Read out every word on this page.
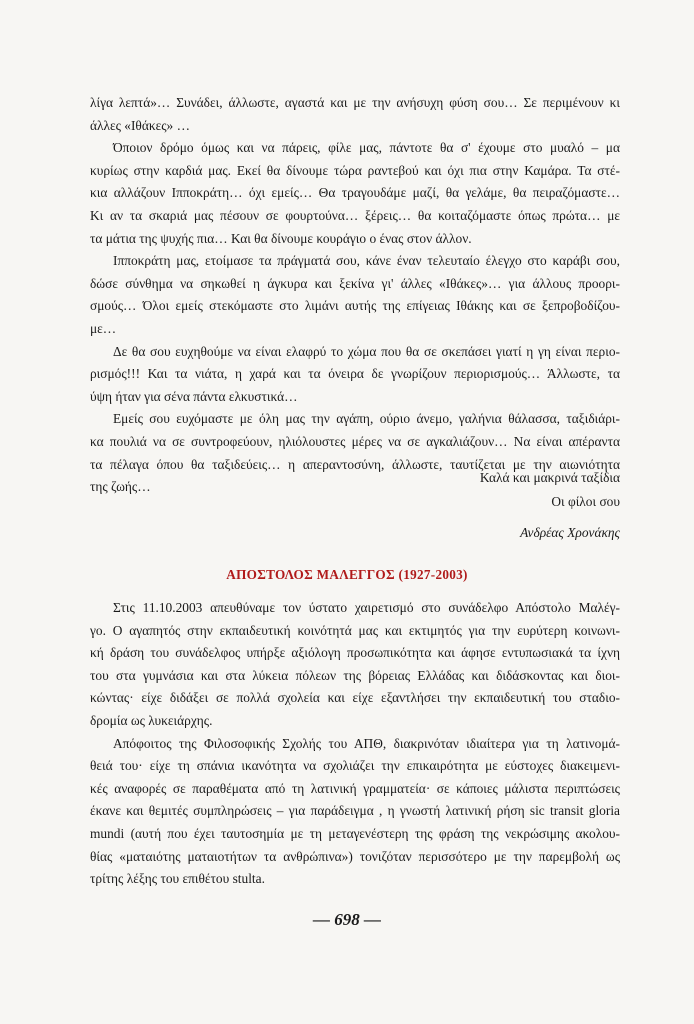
λίγα λεπτά»… Συνάδει, άλλωστε, αγαστά και με την ανήσυχη φύση σου… Σε περιμένουν κι
άλλες «Ιθάκες» …
Όποιον δρόμο όμως και να πάρεις, φίλε μας, πάντοτε θα σ' έχουμε στο μυαλό – μα
κυρίως στην καρδιά μας. Εκεί θα δίνουμε τώρα ραντεβού και όχι πια στην Καμάρα. Τα στέ-
κια αλλάζουν Ιπποκράτη… όχι εμείς… Θα τραγουδάμε μαζί, θα γελάμε, θα πειραζόμαστε…
Κι αν τα σκαριά μας πέσουν σε φουρτούνα… ξέρεις… θα κοιταζόμαστε όπως πρώτα… με
τα μάτια της ψυχής πια… Και θα δίνουμε κουράγιο ο ένας στον άλλον.
Ιπποκράτη μας, ετοίμασε τα πράγματά σου, κάνε έναν τελευταίο έλεγχο στο καράβι σου,
δώσε σύνθημα να σηκωθεί η άγκυρα και ξεκίνα γι' άλλες «Ιθάκες»… για άλλους προορι-
σμούς… Όλοι εμείς στεκόμαστε στο λιμάνι αυτής της επίγειας Ιθάκης και σε ξεπροβοδίζου-
με…
Δε θα σου ευχηθούμε να είναι ελαφρύ το χώμα που θα σε σκεπάσει γιατί η γη είναι περιο-
ρισμός!!! Και τα νιάτα, η χαρά και τα όνειρα δε γνωρίζουν περιορισμούς… Άλλωστε, τα
ύψη ήταν για σένα πάντα ελκυστικά…
Εμείς σου ευχόμαστε με όλη μας την αγάπη, ούριο άνεμο, γαλήνια θάλασσα, ταξιδιάρι-
κα πουλιά να σε συντροφεύουν, ηλιόλουστες μέρες να σε αγκαλιάζουν… Να είναι απέραντα
τα πέλαγα όπου θα ταξιδεύεις… η απεραντοσύνη, άλλωστε, ταυτίζεται με την αιωνιότητα
της ζωής…
Καλά και μακρινά ταξίδια
Οι φίλοι σου
Ανδρέας Χρονάκης
ΑΠΟΣΤΟΛΟΣ ΜΑΛΕΓΓΟΣ (1927-2003)
Στις 11.10.2003 απευθύναμε τον ύστατο χαιρετισμό στο συνάδελφο Απόστολο Μαλέγ-
γο. Ο αγαπητός στην εκπαιδευτική κοινότητά μας και εκτιμητός για την ευρύτερη κοινωνι-
κή δράση του συνάδελφος υπήρξε αξιόλογη προσωπικότητα και άφησε εντυπωσιακά τα ίχνη
του στα γυμνάσια και στα λύκεια πόλεων της βόρειας Ελλάδας και διδάσκοντας και διοι-
κώντας· είχε διδάξει σε πολλά σχολεία και είχε εξαντλήσει την εκπαιδευτική του σταδιο-
δρομία ως λυκειάρχης.
Απόφοιτος της Φιλοσοφικής Σχολής του ΑΠΘ, διακρινόταν ιδιαίτερα για τη λατινομά-
θειά του· είχε τη σπάνια ικανότητα να σχολιάζει την επικαιρότητα με εύστοχες διακειμενι-
κές αναφορές σε παραθέματα από τη λατινική γραμματεία· σε κάποιες μάλιστα περιπτώσεις
έκανε και θεμιτές συμπληρώσεις – για παράδειγμα , η γνωστή λατινική ρήση sic transit gloria
mundi (αυτή που έχει ταυτοσημία με τη μεταγενέστερη της φράση της νεκρώσιμης ακολου-
θίας «ματαιότης ματαιοτήτων τα ανθρώπινα») τονιζόταν περισσότερο με την παρεμβολή ως
τρίτης λέξης του επιθέτου stulta.
— 698 —
